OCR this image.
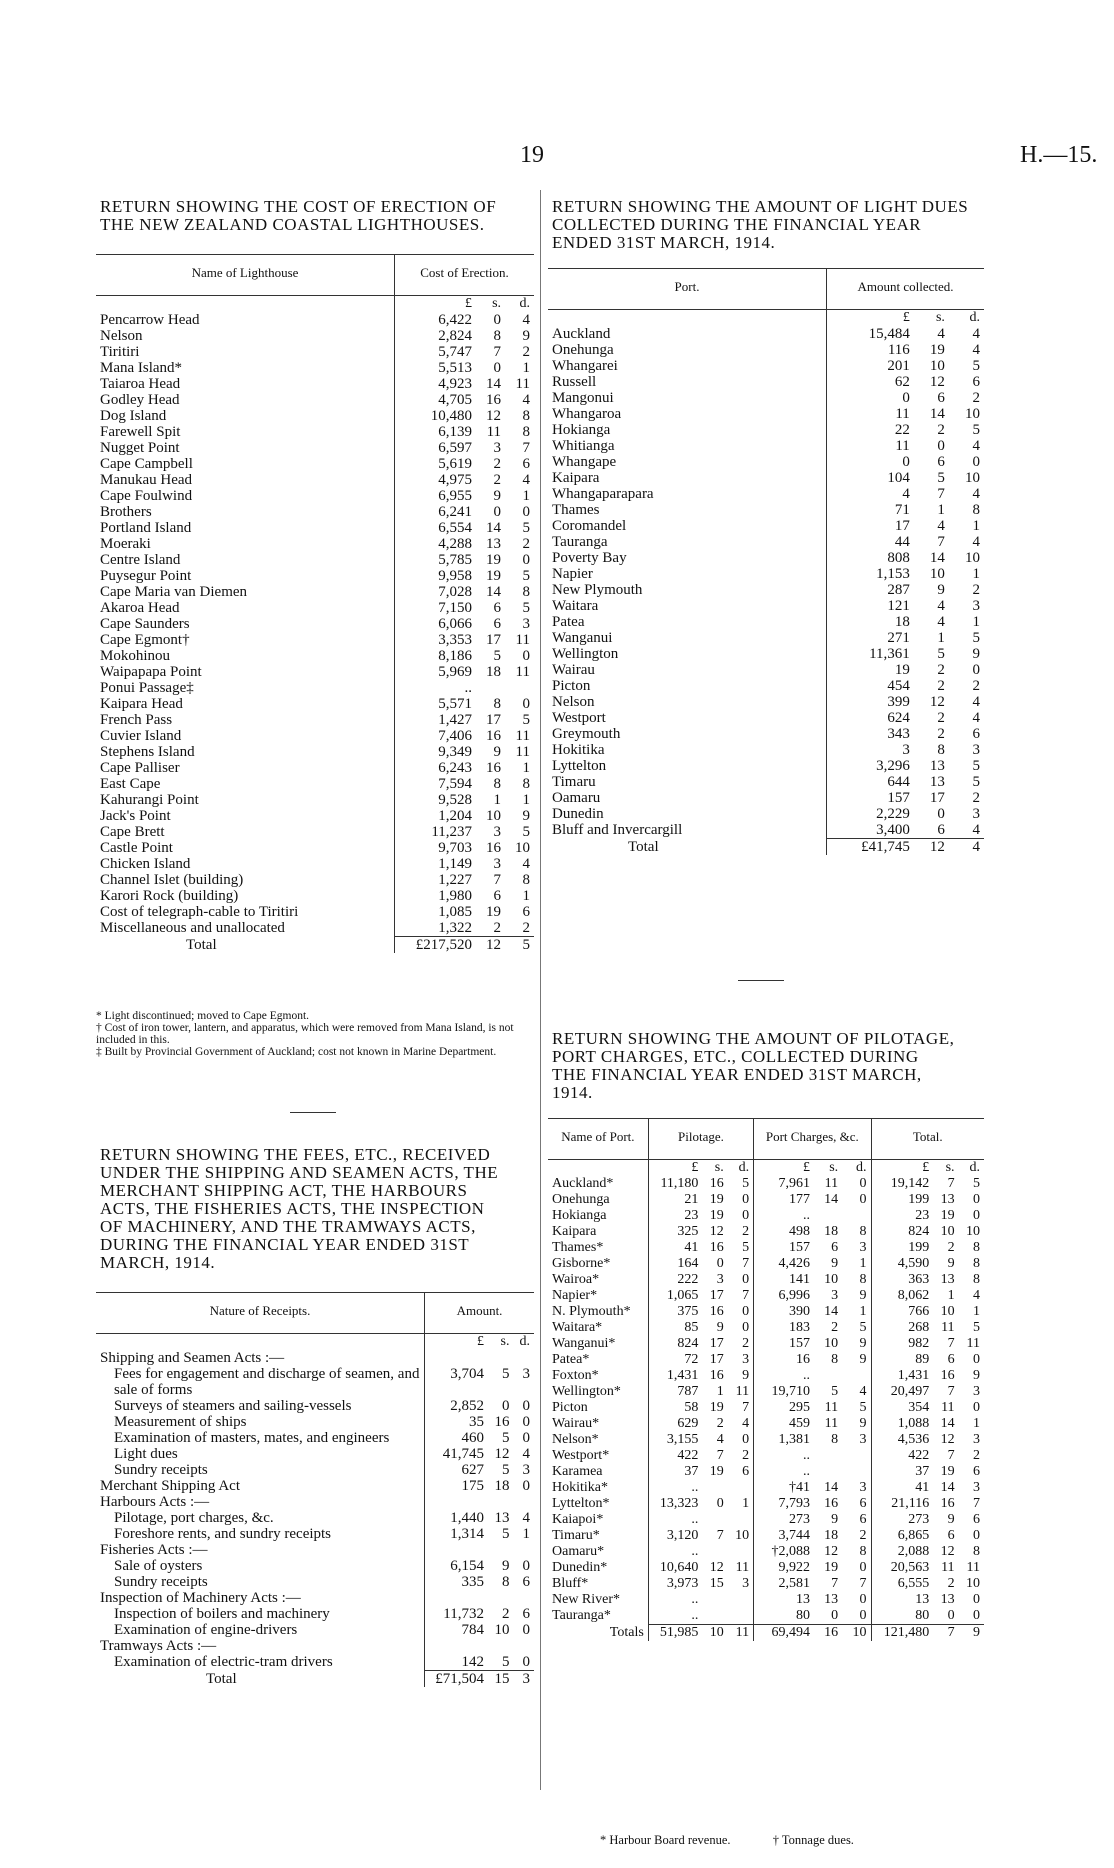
19	H.—15.
RETURN SHOWING THE COST OF ERECTION OF
THE NEW ZEALAND COASTAL LIGHTHOUSES.
Name of Lighthouse	Cost of Erection.		
	£	s.	d.
Pencarrow Head	6,422	0	4
Nelson	2,824	8	9
Tiritiri	5,747	7	2
Mana Island*	5,513	0	1
Taiaroa Head	4,923	14	11
Godley Head	4,705	16	4
Dog Island	10,480	12	8
Farewell Spit	6,139	11	8
Nugget Point	6,597	3	7
Cape Campbell	5,619	2	6
Manukau Head	4,975	2	4
Cape Foulwind	6,955	9	1
Brothers	6,241	0	0
Portland Island	6,554	14	5
Moeraki	4,288	13	2
Centre Island	5,785	19	0
Puysegur Point	9,958	19	5
Cape Maria van Diemen	7,028	14	8
Akaroa Head	7,150	6	5
Cape Saunders	6,066	6	3
Cape Egmont†	3,353	17	11
Mokohinou	8,186	5	0
Waipapapa Point	5,969	18	11
Ponui Passage‡	..		
Kaipara Head	5,571	8	0
French Pass	1,427	17	5
Cuvier Island	7,406	16	11
Stephens Island	9,349	9	11
Cape Palliser	6,243	16	1
East Cape	7,594	8	8
Kahurangi Point	9,528	1	1
Jack's Point	1,204	10	9
Cape Brett	11,237	3	5
Castle Point	9,703	16	10
Chicken Island	1,149	3	4
Channel Islet (building)	1,227	7	8
Karori Rock (building)	1,980	6	1
Cost of telegraph-cable to Tiritiri	1,085	19	6
Miscellaneous and unallocated	1,322	2	2
Total	£217,520	12	5
* Light discontinued; moved to Cape Egmont.
† Cost of iron tower, lantern, and apparatus, which were removed from Mana Island, is not included in this.
‡ Built by Provincial Government of Auckland; cost not known in Marine Department.
RETURN SHOWING THE FEES, ETC., RECEIVED
UNDER THE SHIPPING AND SEAMEN ACTS, THE
MERCHANT SHIPPING ACT, THE HARBOURS
ACTS, THE FISHERIES ACTS, THE INSPECTION
OF MACHINERY, AND THE TRAMWAYS ACTS,
DURING THE FINANCIAL YEAR ENDED 31ST
MARCH, 1914.
Nature of Receipts.	Amount.		
	£	s.	d.
Shipping and Seamen Acts :—			
Fees for engagement and discharge of seamen, and sale of forms	3,704	5	3
Surveys of steamers and sailing-vessels	2,852	0	0
Measurement of ships	35	16	0
Examination of masters, mates, and engineers	460	5	0
Light dues	41,745	12	4
Sundry receipts	627	5	3
Merchant Shipping Act	175	18	0
Harbours Acts :—			
Pilotage, port charges, &c.	1,440	13	4
Foreshore rents, and sundry receipts	1,314	5	1
Fisheries Acts :—			
Sale of oysters	6,154	9	0
Sundry receipts	335	8	6
Inspection of Machinery Acts :—			
Inspection of boilers and machinery	11,732	2	6
Examination of engine-drivers	784	10	0
Tramways Acts :—			
Examination of electric-tram drivers	142	5	0
Total	£71,504	15	3
RETURN SHOWING THE AMOUNT OF LIGHT DUES
COLLECTED DURING THE FINANCIAL YEAR
ENDED 31ST MARCH, 1914.
Port.	Amount collected.		
	£	s.	d.
Auckland	15,484	4	4
Onehunga	116	19	4
Whangarei	201	10	5
Russell	62	12	6
Mangonui	0	6	2
Whangaroa	11	14	10
Hokianga	22	2	5
Whitianga	11	0	4
Whangape	0	6	0
Kaipara	104	5	10
Whangaparapara	4	7	4
Thames	71	1	8
Coromandel	17	4	1
Tauranga	44	7	4
Poverty Bay	808	14	10
Napier	1,153	10	1
New Plymouth	287	9	2
Waitara	121	4	3
Patea	18	4	1
Wanganui	271	1	5
Wellington	11,361	5	9
Wairau	19	2	0
Picton	454	2	2
Nelson	399	12	4
Westport	624	2	4
Greymouth	343	2	6
Hokitika	3	8	3
Lyttelton	3,296	13	5
Timaru	644	13	5
Oamaru	157	17	2
Dunedin	2,229	0	3
Bluff and Invercargill	3,400	6	4
Total	£41,745	12	4
RETURN SHOWING THE AMOUNT OF PILOTAGE,
PORT CHARGES, ETC., COLLECTED DURING
THE FINANCIAL YEAR ENDED 31ST MARCH,
1914.
Name of Port.	Pilotage.			Port Charges, &c.			Total.		
	£	s.	d.	£	s.	d.	£	s.	d.
Auckland*	11,180	16	5	7,961	11	0	19,142	7	5
Onehunga	21	19	0	177	14	0	199	13	0
Hokianga	23	19	0	..			23	19	0
Kaipara	325	12	2	498	18	8	824	10	10
Thames*	41	16	5	157	6	3	199	2	8
Gisborne*	164	0	7	4,426	9	1	4,590	9	8
Wairoa*	222	3	0	141	10	8	363	13	8
Napier*	1,065	17	7	6,996	3	9	8,062	1	4
N. Plymouth*	375	16	0	390	14	1	766	10	1
Waitara*	85	9	0	183	2	5	268	11	5
Wanganui*	824	17	2	157	10	9	982	7	11
Patea*	72	17	3	16	8	9	89	6	0
Foxton*	1,431	16	9	..			1,431	16	9
Wellington*	787	1	11	19,710	5	4	20,497	7	3
Picton	58	19	7	295	11	5	354	11	0
Wairau*	629	2	4	459	11	9	1,088	14	1
Nelson*	3,155	4	0	1,381	8	3	4,536	12	3
Westport*	422	7	2	..			422	7	2
Karamea	37	19	6	..			37	19	6
Hokitika*	..			†41	14	3	41	14	3
Lyttelton*	13,323	0	1	7,793	16	6	21,116	16	7
Kaiapoi*	..			273	9	6	273	9	6
Timaru*	3,120	7	10	3,744	18	2	6,865	6	0
Oamaru*	..			†2,088	12	8	2,088	12	8
Dunedin*	10,640	12	11	9,922	19	0	20,563	11	11
Bluff*	3,973	15	3	2,581	7	7	6,555	2	10
New River*	..			13	13	0	13	13	0
Tauranga*	..			80	0	0	80	0	0
Totals	51,985	10	11	69,494	16	10	121,480	7	9
* Harbour Board revenue.	† Tonnage dues.
